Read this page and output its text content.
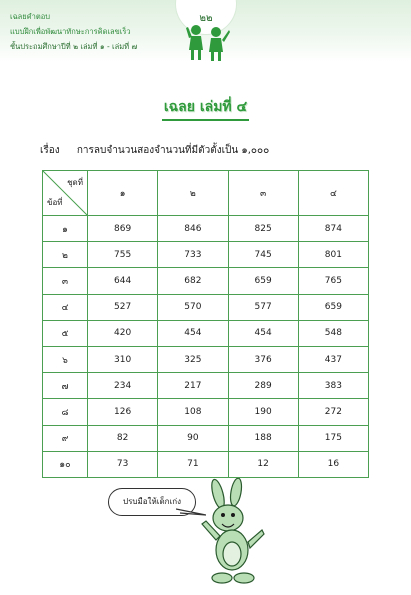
เฉลยคำตอบ
แบบฝึกเพื่อพัฒนาทักษะการคิดเลขเร็ว
ชั้นประถมศึกษาปีที่ ๒ เล่มที่ ๑ - เล่มที่ ๗
๒๒
เฉลย เล่มที่ ๔
เรื่อง การลบจำนวนสองจำนวนที่มีตัวตั้งเป็น ๑,๐๐๐
ชุดที่
ข้อที่	๑	๒	๓	๔
๑	869	846	825	874
๒	755	733	745	801
๓	644	682	659	765
๔	527	570	577	659
๕	420	454	454	548
๖	310	325	376	437
๗	234	217	289	383
๘	126	108	190	272
๙	82	90	188	175
๑๐	73	71	12	16
ปรบมือให้เด็กเก่ง
